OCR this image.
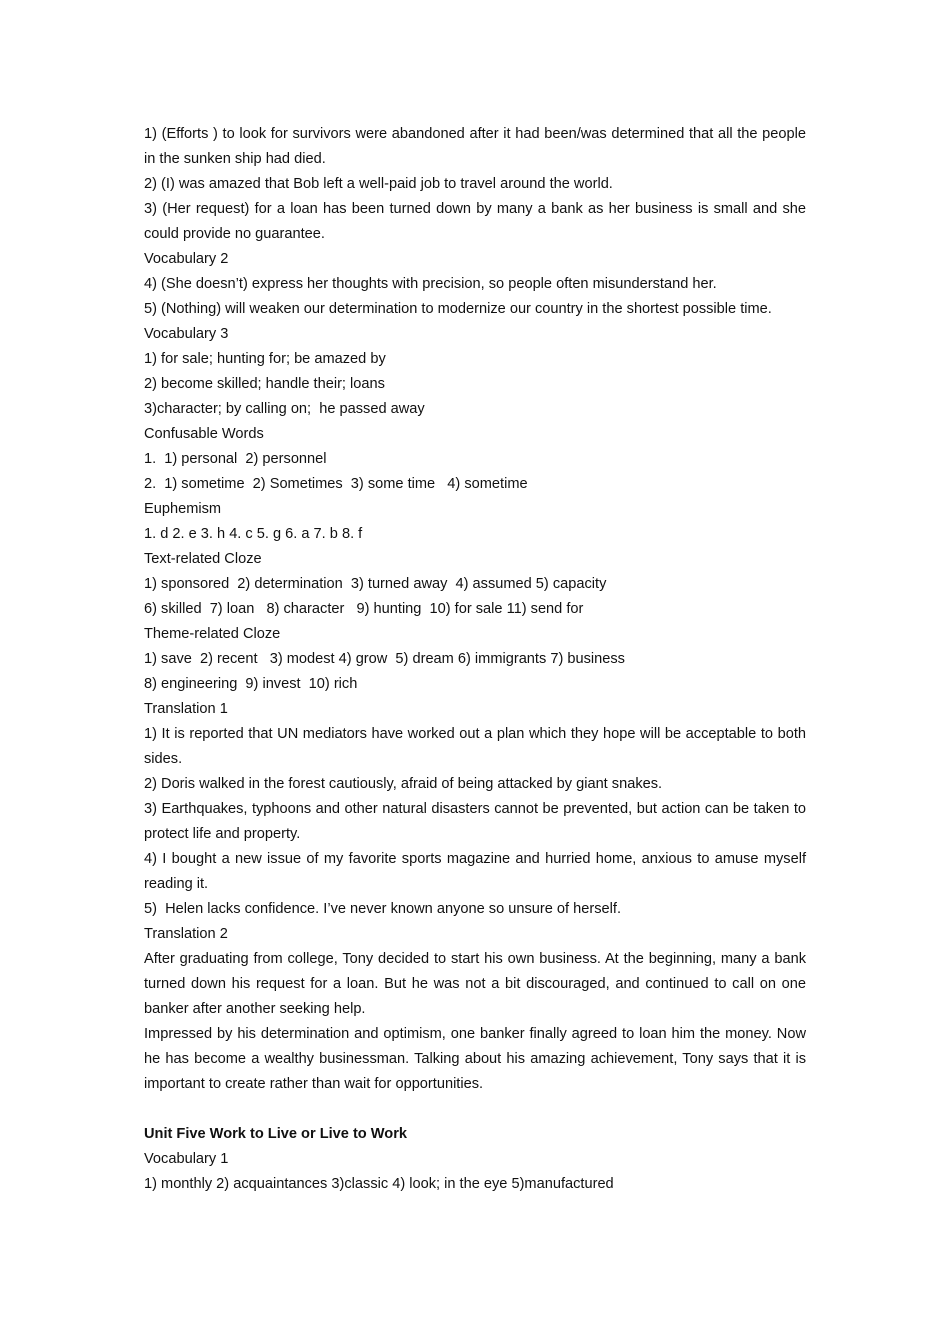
1) (Efforts ) to look for survivors were abandoned after it had been/was determined that all the people in the sunken ship had died.

2) (I) was amazed that Bob left a well-paid job to travel around the world.

3) (Her request) for a loan has been turned down by many a bank as her business is small and she could provide no guarantee.

Vocabulary 2

4) (She doesn’t) express her thoughts with precision, so people often misunderstand her.

5) (Nothing) will weaken our determination to modernize our country in the shortest possible time.

Vocabulary 3

1) for sale; hunting for; be amazed by

2) become skilled; handle their; loans

3)character; by calling on;  he passed away

Confusable Words

1.  1) personal  2) personnel

2.  1) sometime  2) Sometimes  3) some time   4) sometime

Euphemism

1. d 2. e 3. h 4. c 5. g 6. a 7. b 8. f

Text-related Cloze

1) sponsored  2) determination  3) turned away  4) assumed 5) capacity

6) skilled  7) loan   8) character   9) hunting  10) for sale 11) send for

Theme-related Cloze

1) save  2) recent   3) modest 4) grow  5) dream 6) immigrants 7) business

8) engineering  9) invest  10) rich

Translation 1

1) It is reported that UN mediators have worked out a plan which they hope will be acceptable to both sides.

2) Doris walked in the forest cautiously, afraid of being attacked by giant snakes.

3) Earthquakes, typhoons and other natural disasters cannot be prevented, but action can be taken to protect life and property.

4) I bought a new issue of my favorite sports magazine and hurried home, anxious to amuse myself reading it.

5)  Helen lacks confidence. I’ve never known anyone so unsure of herself.

Translation 2

After graduating from college, Tony decided to start his own business. At the beginning, many a bank turned down his request for a loan. But he was not a bit discouraged, and continued to call on one banker after another seeking help.

Impressed by his determination and optimism, one banker finally agreed to loan him the money. Now he has become a wealthy businessman. Talking about his amazing achievement, Tony says that it is important to create rather than wait for opportunities.

Unit Five Work to Live or Live to Work

Vocabulary 1

1) monthly 2) acquaintances 3)classic 4) look; in the eye 5)manufactured
